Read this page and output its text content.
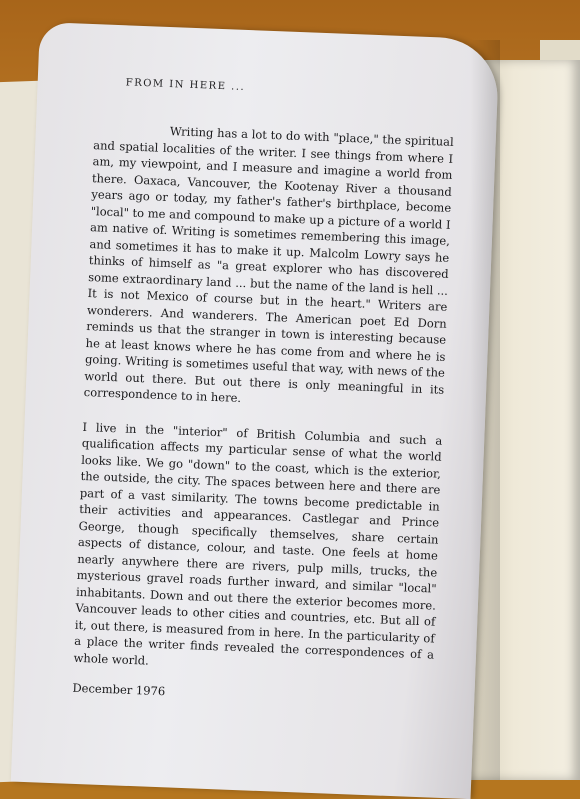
FROM IN HERE ...

Writing has a lot to do with "place," the spiritual and spatial localities of the writer. I see things from where I am, my viewpoint, and I measure and imagine a world from there. Oaxaca, Vancouver, the Kootenay River a thousand years ago or today, my father's father's birthplace, become "local" to me and compound to make up a picture of a world I am native of. Writing is sometimes remembering this image, and sometimes it has to make it up. Malcolm Lowry says he thinks of himself as "a great explorer who has discovered some extraordinary land ... but the name of the land is hell ... It is not Mexico of course but in the heart." Writers are wonderers. And wanderers. The American poet Ed Dorn reminds us that the stranger in town is interesting because he at least knows where he has come from and where he is going. Writing is sometimes useful that way, with news of the world out there. But out there is only meaningful in its correspondence to in here.

I live in the "interior" of British Columbia and such a qualification affects my particular sense of what the world looks like. We go "down" to the coast, which is the exterior, the outside, the city. The spaces between here and there are part of a vast similarity. The towns become predictable in their activities and appearances. Castlegar and Prince George, though specifically themselves, share certain aspects of distance, colour, and taste. One feels at home nearly anywhere there are rivers, pulp mills, trucks, the mysterious gravel roads further inward, and similar "local" inhabitants. Down and out there the exterior becomes more. Vancouver leads to other cities and countries, etc. But all of it, out there, is measured from in here. In the particularity of a place the writer finds revealed the correspondences of a whole world.

December 1976
